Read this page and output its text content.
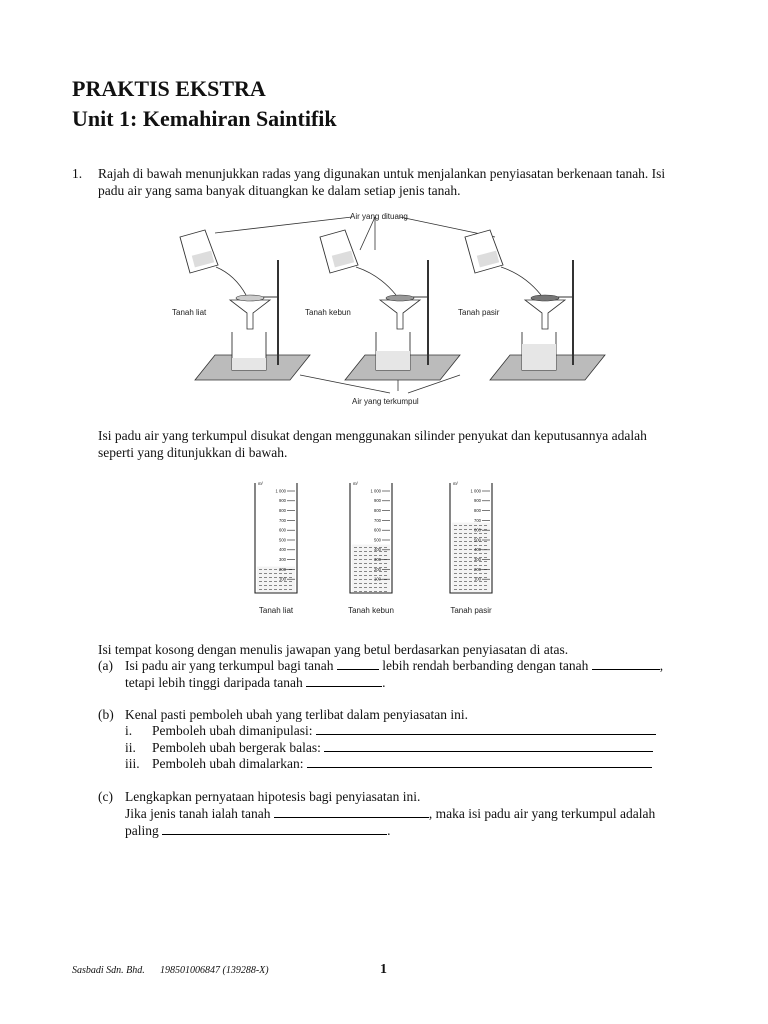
PRAKTIS EKSTRA
Unit 1: Kemahiran Saintifik
1. Rajah di bawah menunjukkan radas yang digunakan untuk menjalankan penyiasatan berkenaan tanah. Isi
padu air yang sama banyak dituangkan ke dalam setiap jenis tanah.
Tanah liat	Tanah kebun	Tanah pasir
Air yang dituang
Air yang terkumpul
Isi padu air yang terkumpul disukat dengan menggunakan silinder penyukat dan keputusannya adalah
seperti yang ditunjukkan di bawah.
ml
1 000
900
800
700
600
500
400
300
200
100
Tanah liat
ml
1 000
900
800
700
600
500
400
300
200
100
Tanah kebun
ml
1 000
900
800
700
600
500
400
300
200
100
Tanah pasir
Isi tempat kosong dengan menulis jawapan yang betul berdasarkan penyiasatan di atas.
(a) Isi padu air yang terkumpul bagi tanah	lebih rendah berbanding dengan tanah	,
tetapi lebih tinggi daripada tanah	.
(b) Kenal pasti pemboleh ubah yang terlibat dalam penyiasatan ini.
i. Pemboleh ubah dimanipulasi:
ii. Pemboleh ubah bergerak balas:
iii. Pemboleh ubah dimalarkan:
(c) Lengkapkan pernyataan hipotesis bagi penyiasatan ini.
Jika jenis tanah ialah tanah	, maka isi padu air yang terkumpul adalah
paling	.
Sasbadi Sdn. Bhd. 198501006847 (139288-X)	1
